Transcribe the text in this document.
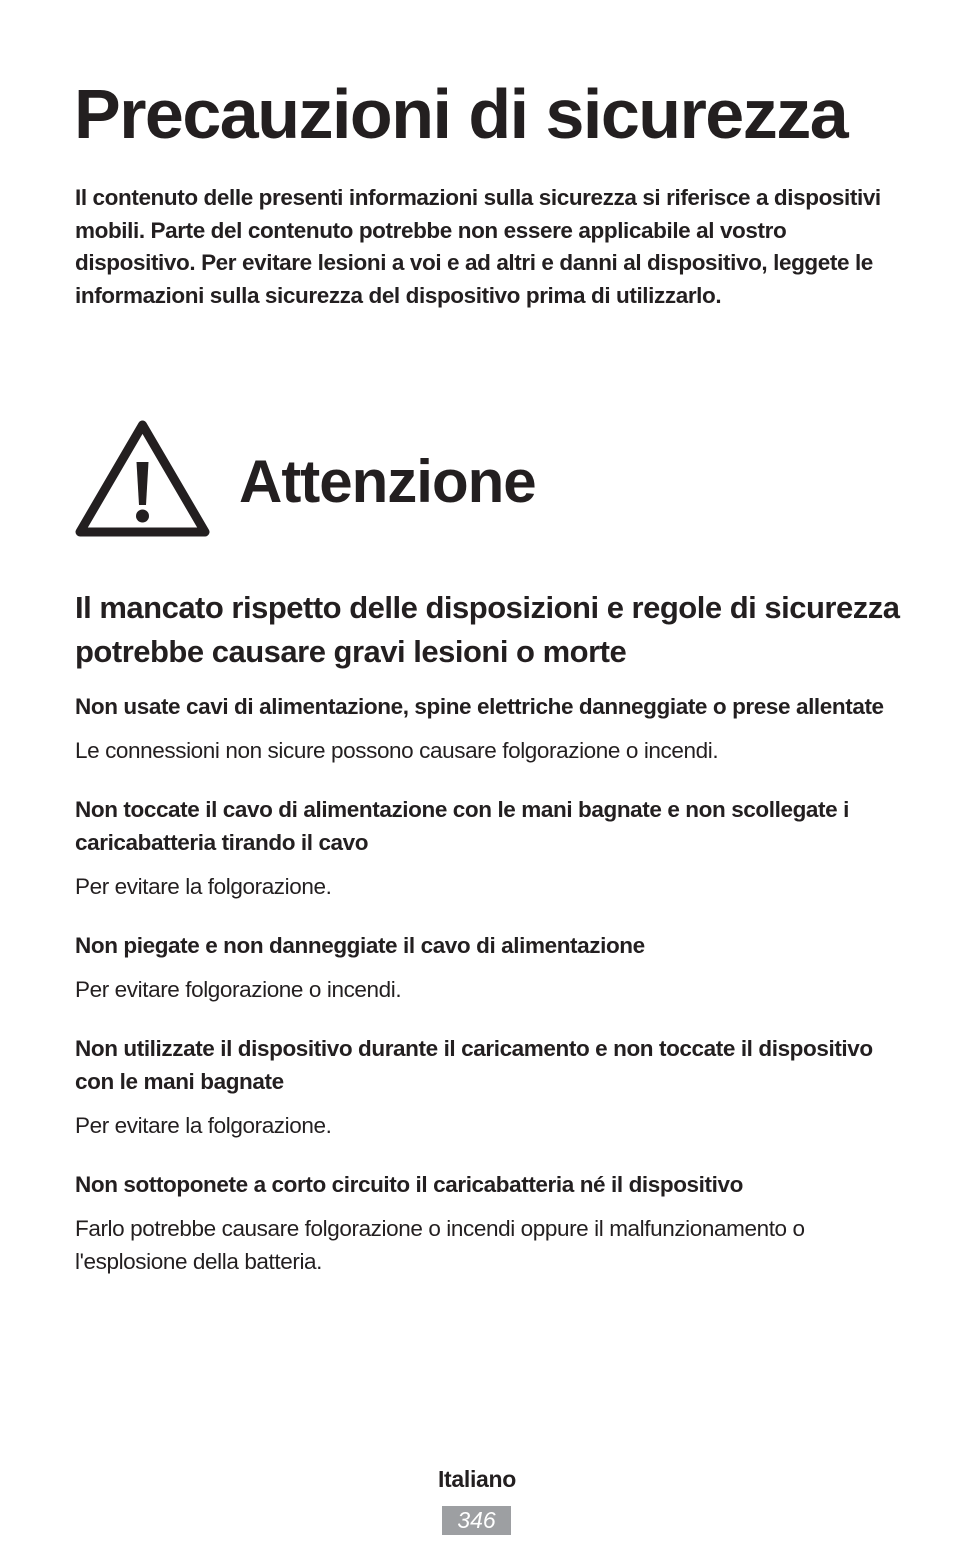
Precauzioni di sicurezza

Il contenuto delle presenti informazioni sulla sicurezza si riferisce a dispositivi mobili. Parte del contenuto potrebbe non essere applicabile al vostro dispositivo. Per evitare lesioni a voi e ad altri e danni al dispositivo, leggete le informazioni sulla sicurezza del dispositivo prima di utilizzarlo.

Attenzione
Il mancato rispetto delle disposizioni e regole di sicurezza potrebbe causare gravi lesioni o morte

Non usate cavi di alimentazione, spine elettriche danneggiate o prese allentate

Le connessioni non sicure possono causare folgorazione o incendi.

Non toccate il cavo di alimentazione con le mani bagnate e non scollegate i caricabatteria tirando il cavo

Per evitare la folgorazione.

Non piegate e non danneggiate il cavo di alimentazione

Per evitare folgorazione o incendi.

Non utilizzate il dispositivo durante il caricamento e non toccate il dispositivo con le mani bagnate

Per evitare la folgorazione.

Non sottoponete a corto circuito il caricabatteria né il dispositivo

Farlo potrebbe causare folgorazione o incendi oppure il malfunzionamento o l'esplosione della batteria.

Italiano
346
